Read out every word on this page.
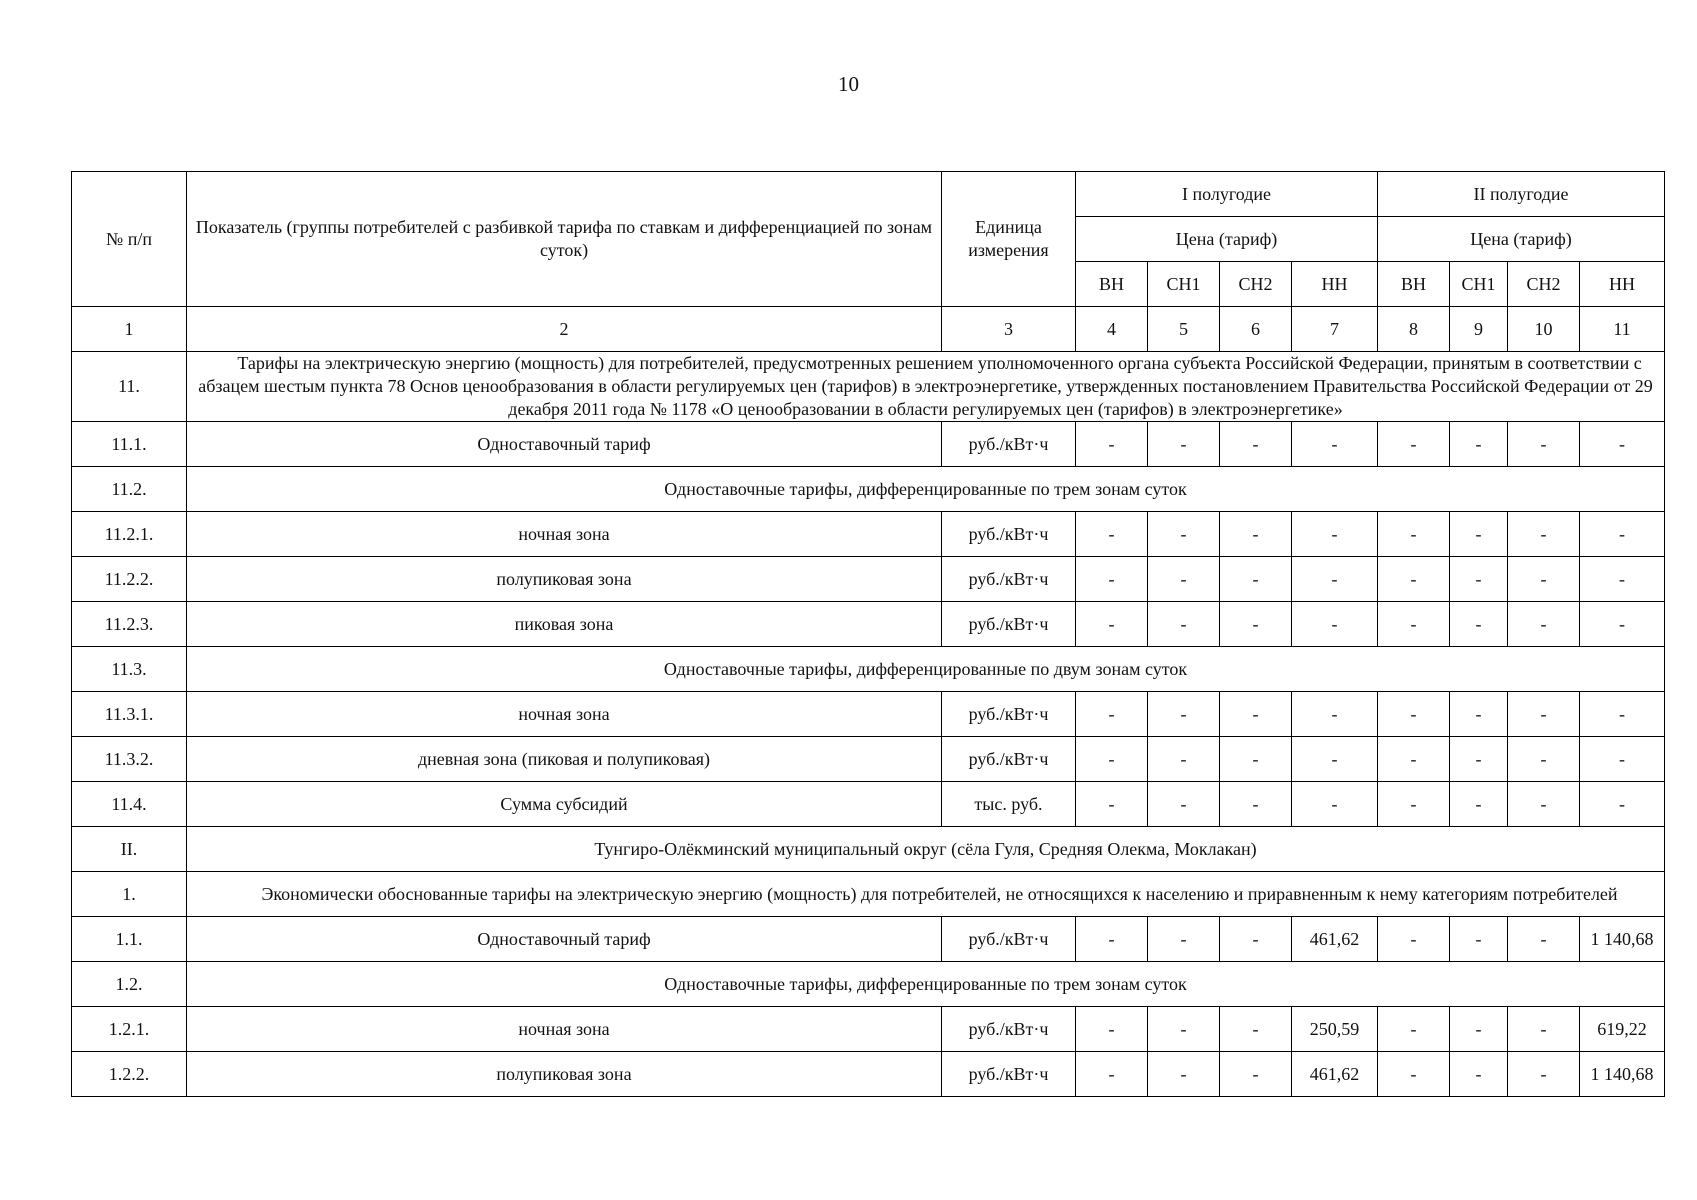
10
№ п/п	Показатель (группы потребителей с разбивкой тарифа по ставкам и дифференциацией по зонам суток)	Единица измерения	I полугодие				II полугодие			
			Цена (тариф)				Цена (тариф)			
			ВН	СН1	СН2	НН	ВН	СН1	СН2	НН
1	2	3	4	5	6	7	8	9	10	11
11.	Тарифы на электрическую энергию (мощность) для потребителей, предусмотренных решением уполномоченного органа субъекта Российской Федерации, принятым в соответствии с абзацем шестым пункта 78 Основ ценообразования в области регулируемых цен (тарифов) в электроэнергетике, утвержденных постановлением Правительства Российской Федерации от 29 декабря 2011 года № 1178 «О ценообразовании в области регулируемых цен (тарифов) в электроэнергетике»									
11.1.	Одноставочный тариф	руб./кВт·ч	-	-	-	-	-	-	-	-
11.2.	Одноставочные тарифы, дифференцированные по трем зонам суток									
11.2.1.	ночная зона	руб./кВт·ч	-	-	-	-	-	-	-	-
11.2.2.	полупиковая зона	руб./кВт·ч	-	-	-	-	-	-	-	-
11.2.3.	пиковая зона	руб./кВт·ч	-	-	-	-	-	-	-	-
11.3.	Одноставочные тарифы, дифференцированные по двум зонам суток									
11.3.1.	ночная зона	руб./кВт·ч	-	-	-	-	-	-	-	-
11.3.2.	дневная зона (пиковая и полупиковая)	руб./кВт·ч	-	-	-	-	-	-	-	-
11.4.	Сумма субсидий	тыс. руб.	-	-	-	-	-	-	-	-
II.	Тунгиро-Олёкминский муниципальный округ (сёла Гуля, Средняя Олекма, Моклакан)									
1.	Экономически обоснованные тарифы на электрическую энергию (мощность) для потребителей, не относящихся к населению и приравненным к нему категориям потребителей									
1.1.	Одноставочный тариф	руб./кВт·ч	-	-	-	461,62	-	-	-	1 140,68
1.2.	Одноставочные тарифы, дифференцированные по трем зонам суток									
1.2.1.	ночная зона	руб./кВт·ч	-	-	-	250,59	-	-	-	619,22
1.2.2.	полупиковая зона	руб./кВт·ч	-	-	-	461,62	-	-	-	1 140,68
